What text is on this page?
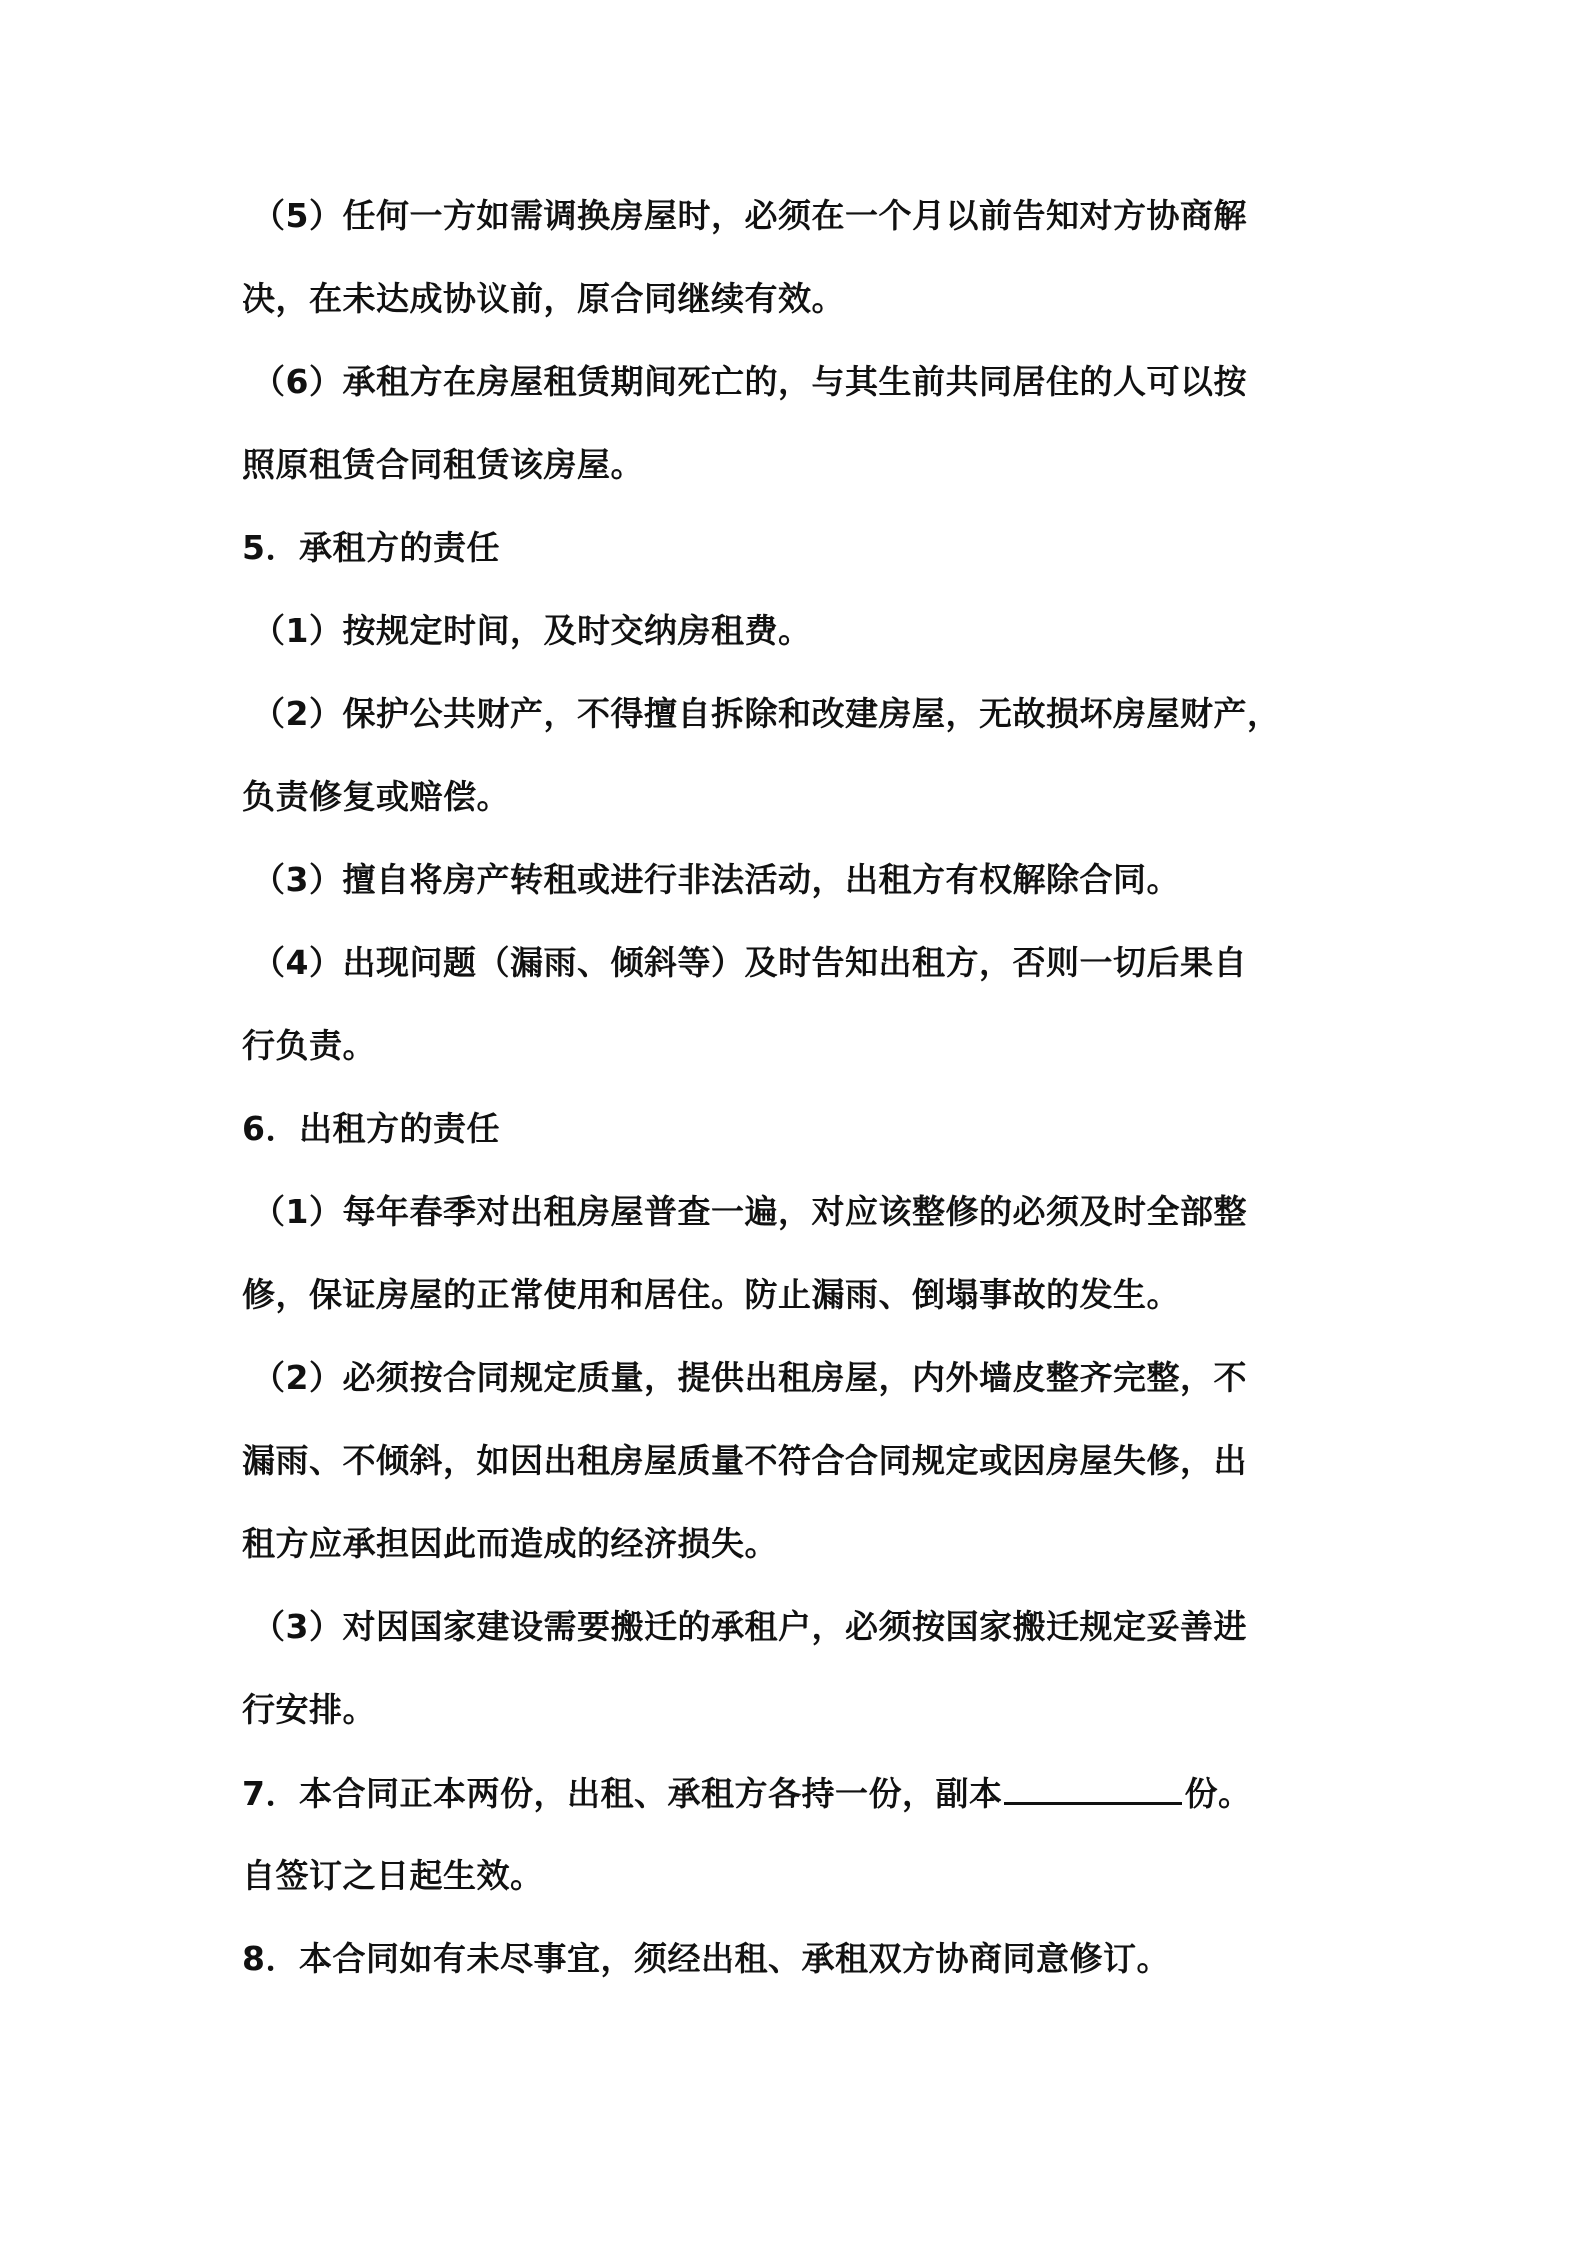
（5）任何一方如需调换房屋时，必须在一个月以前告知对方协商解
决，在未达成协议前，原合同继续有效。
（6）承租方在房屋租赁期间死亡的，与其生前共同居住的人可以按
照原租赁合同租赁该房屋。
5．承租方的责任
（1）按规定时间，及时交纳房租费。
（2）保护公共财产，不得擅自拆除和改建房屋，无故损坏房屋财产，
负责修复或赔偿。
（3）擅自将房产转租或进行非法活动，出租方有权解除合同。
（4）出现问题（漏雨、倾斜等）及时告知出租方，否则一切后果自
行负责。
6．出租方的责任
（1）每年春季对出租房屋普查一遍，对应该整修的必须及时全部整
修，保证房屋的正常使用和居住。防止漏雨、倒塌事故的发生。
（2）必须按合同规定质量，提供出租房屋，内外墙皮整齐完整，不
漏雨、不倾斜，如因出租房屋质量不符合合同规定或因房屋失修，出
租方应承担因此而造成的经济损失。
（3）对因国家建设需要搬迁的承租户，必须按国家搬迁规定妥善进
行安排。
7．本合同正本两份，出租、承租方各持一份，副本	份。
自签订之日起生效。
8．本合同如有未尽事宜，须经出租、承租双方协商同意修订。
